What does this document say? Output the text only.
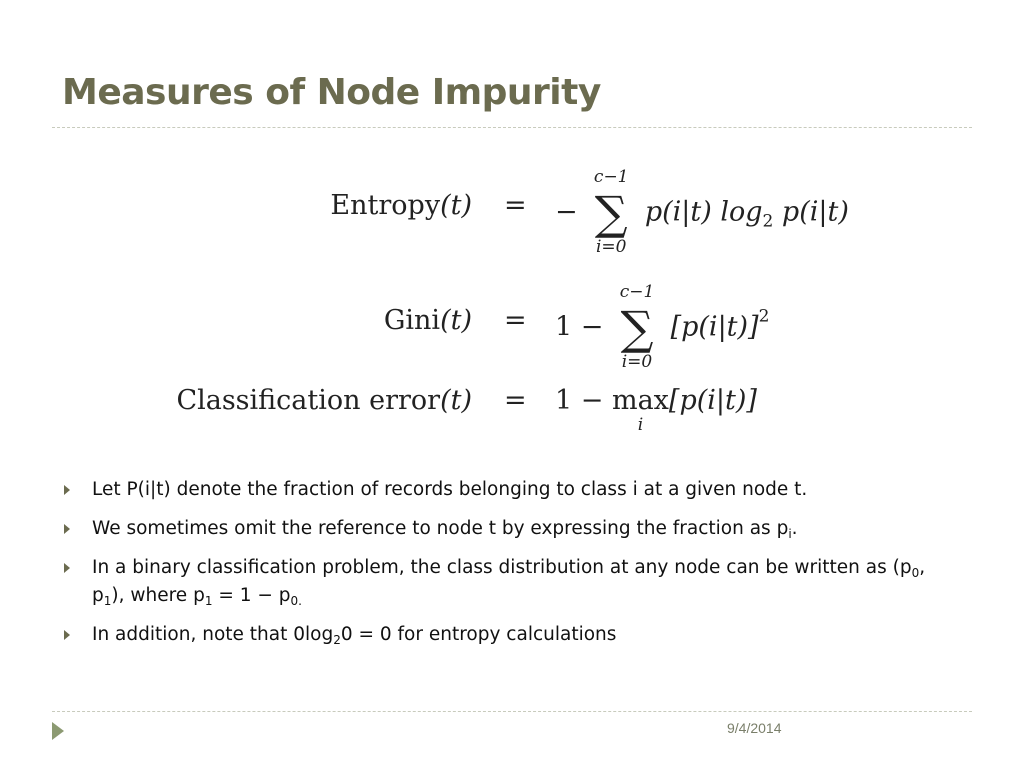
Measures of Node Impurity
Entropy(t) = −
c−1
∑
i=0
p(i|t) $\log_2 p(i|t)$
Gini(t) = 1 −
c−1
∑
i=0
$[p(i|t)]^2$
Classification error(t) = 1 − max
i
[p(i|t)]
Let P(i|t) denote the fraction of records belonging to class i at a given node t.
We sometimes omit the reference to node t by expressing the fraction as $p_i$.
In a binary classification problem, the class distribution at any node can be written as ($p_0$, $p_1$), where $p_1 = 1 - p_{0.}$
In addition, note that $0\log_20 = 0$ for entropy calculations
9/4/2014
